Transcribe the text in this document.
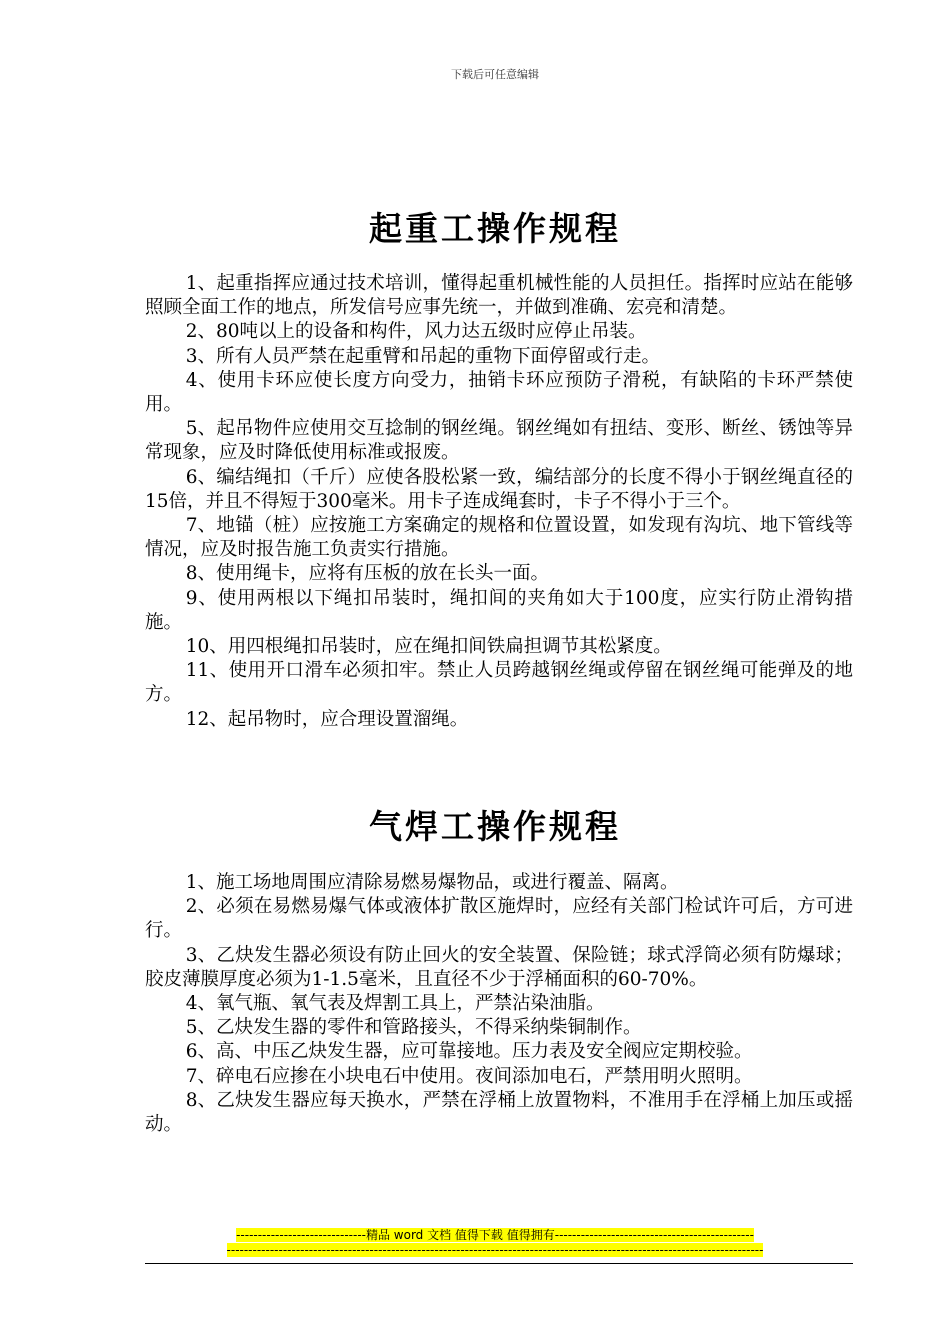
下载后可任意编辑
起重工操作规程

1、起重指挥应通过技术培训，懂得起重机械性能的人员担任。指挥时应站在能够照顾全面工作的地点，所发信号应事先统一，并做到准确、宏亮和清楚。

2、80吨以上的设备和构件，风力达五级时应停止吊装。

3、所有人员严禁在起重臂和吊起的重物下面停留或行走。

4、使用卡环应使长度方向受力，抽销卡环应预防子滑税，有缺陷的卡环严禁使用。

5、起吊物件应使用交互捻制的钢丝绳。钢丝绳如有扭结、变形、断丝、锈蚀等异常现象，应及时降低使用标准或报废。

6、编结绳扣（千斤）应使各股松紧一致，编结部分的长度不得小于钢丝绳直径的15倍，并且不得短于300毫米。用卡子连成绳套时，卡子不得小于三个。

7、地锚（桩）应按施工方案确定的规格和位置设置，如发现有沟坑、地下管线等情况，应及时报告施工负责实行措施。

8、使用绳卡，应将有压板的放在长头一面。

9、使用两根以下绳扣吊装时，绳扣间的夹角如大于100度，应实行防止滑钩措施。

10、用四根绳扣吊装时，应在绳扣间铁扁担调节其松紧度。

11、使用开口滑车必须扣牢。禁止人员跨越钢丝绳或停留在钢丝绳可能弹及的地方。

12、起吊物时，应合理设置溜绳。

气焊工操作规程

1、施工场地周围应清除易燃易爆物品，或进行覆盖、隔离。

2、必须在易燃易爆气体或液体扩散区施焊时，应经有关部门检试许可后，方可进行。

3、乙炔发生器必须设有防止回火的安全装置、保险链；球式浮筒必须有防爆球；胶皮薄膜厚度必须为1-1.5毫米，且直径不少于浮桶面积的60-70%。

4、氧气瓶、氧气表及焊割工具上，严禁沾染油脂。

5、乙炔发生器的零件和管路接头，不得采纳柴铜制作。

6、高、中压乙炔发生器，应可靠接地。压力表及安全阀应定期校验。

7、碎电石应掺在小块电石中使用。夜间添加电石，严禁用明火照明。

8、乙炔发生器应每天换水，严禁在浮桶上放置物料，不准用手在浮桶上加压或摇动。

------------------------------精品 word 文档 值得下载 值得拥有----------------------------------------------
----------------------------------------------------------------------------------------------------------------------------
